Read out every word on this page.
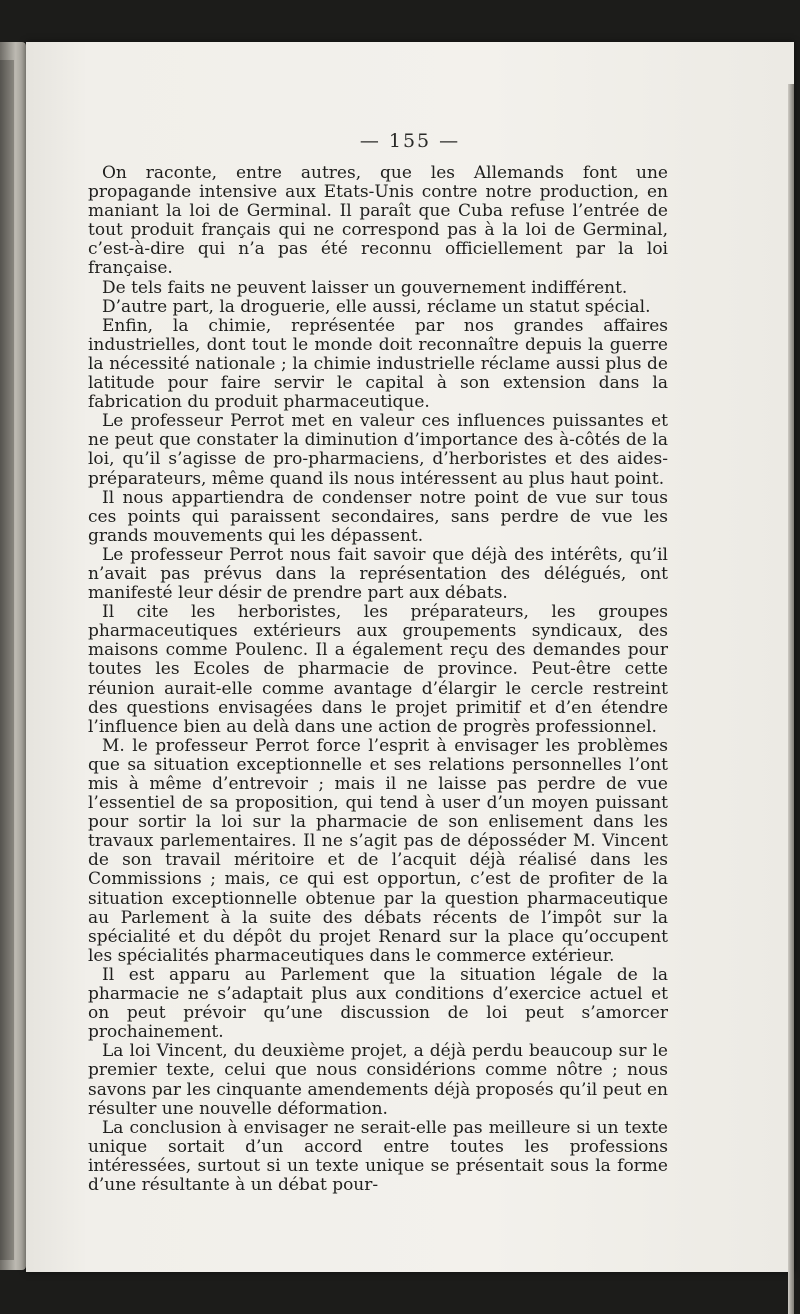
— 155 —

On raconte, entre autres, que les Allemands font une propagande intensive aux Etats-Unis contre notre production, en maniant la loi de Germinal. Il paraît que Cuba refuse l’entrée de tout produit français qui ne correspond pas à la loi de Germinal, c’est-à-dire qui n’a pas été reconnu officiellement par la loi française.

De tels faits ne peuvent laisser un gouvernement indifférent.

D’autre part, la droguerie, elle aussi, réclame un statut spécial.

Enfin, la chimie, représentée par nos grandes affaires industrielles, dont tout le monde doit reconnaître depuis la guerre la nécessité nationale ; la chimie industrielle réclame aussi plus de latitude pour faire servir le capital à son extension dans la fabrication du produit pharmaceutique.

Le professeur Perrot met en valeur ces influences puissantes et ne peut que constater la diminution d’importance des à-côtés de la loi, qu’il s’agisse de pro-pharmaciens, d’herboristes et des aides-préparateurs, même quand ils nous intéressent au plus haut point.

Il nous appartiendra de condenser notre point de vue sur tous ces points qui paraissent secondaires, sans perdre de vue les grands mouvements qui les dépassent.

Le professeur Perrot nous fait savoir que déjà des intérêts, qu’il n’avait pas prévus dans la représentation des délégués, ont manifesté leur désir de prendre part aux débats.

Il cite les herboristes, les préparateurs, les groupes pharmaceutiques extérieurs aux groupements syndicaux, des maisons comme Poulenc. Il a également reçu des demandes pour toutes les Ecoles de pharmacie de province. Peut-être cette réunion aurait-elle comme avantage d’élargir le cercle restreint des questions envisagées dans le projet primitif et d’en étendre l’influence bien au delà dans une action de progrès professionnel.

M. le professeur Perrot force l’esprit à envisager les problèmes que sa situation exceptionnelle et ses relations personnelles l’ont mis à même d’entrevoir ; mais il ne laisse pas perdre de vue l’essentiel de sa proposition, qui tend à user d’un moyen puissant pour sortir la loi sur la pharmacie de son enlisement dans les travaux parlementaires. Il ne s’agit pas de déposséder M. Vincent de son travail méritoire et de l’acquit déjà réalisé dans les Commissions ; mais, ce qui est opportun, c’est de profiter de la situation exceptionnelle obtenue par la question pharmaceutique au Parlement à la suite des débats récents de l’impôt sur la spécialité et du dépôt du projet Renard sur la place qu’occupent les spécialités pharmaceutiques dans le commerce extérieur.

Il est apparu au Parlement que la situation légale de la pharmacie ne s’adaptait plus aux conditions d’exercice actuel et on peut prévoir qu’une discussion de loi peut s’amorcer prochainement.

La loi Vincent, du deuxième projet, a déjà perdu beaucoup sur le premier texte, celui que nous considérions comme nôtre ; nous savons par les cinquante amendements déjà proposés qu’il peut en résulter une nouvelle déformation.

La conclusion à envisager ne serait-elle pas meilleure si un texte unique sortait d’un accord entre toutes les professions intéressées, surtout si un texte unique se présentait sous la forme d’une résultante à un débat pour-
